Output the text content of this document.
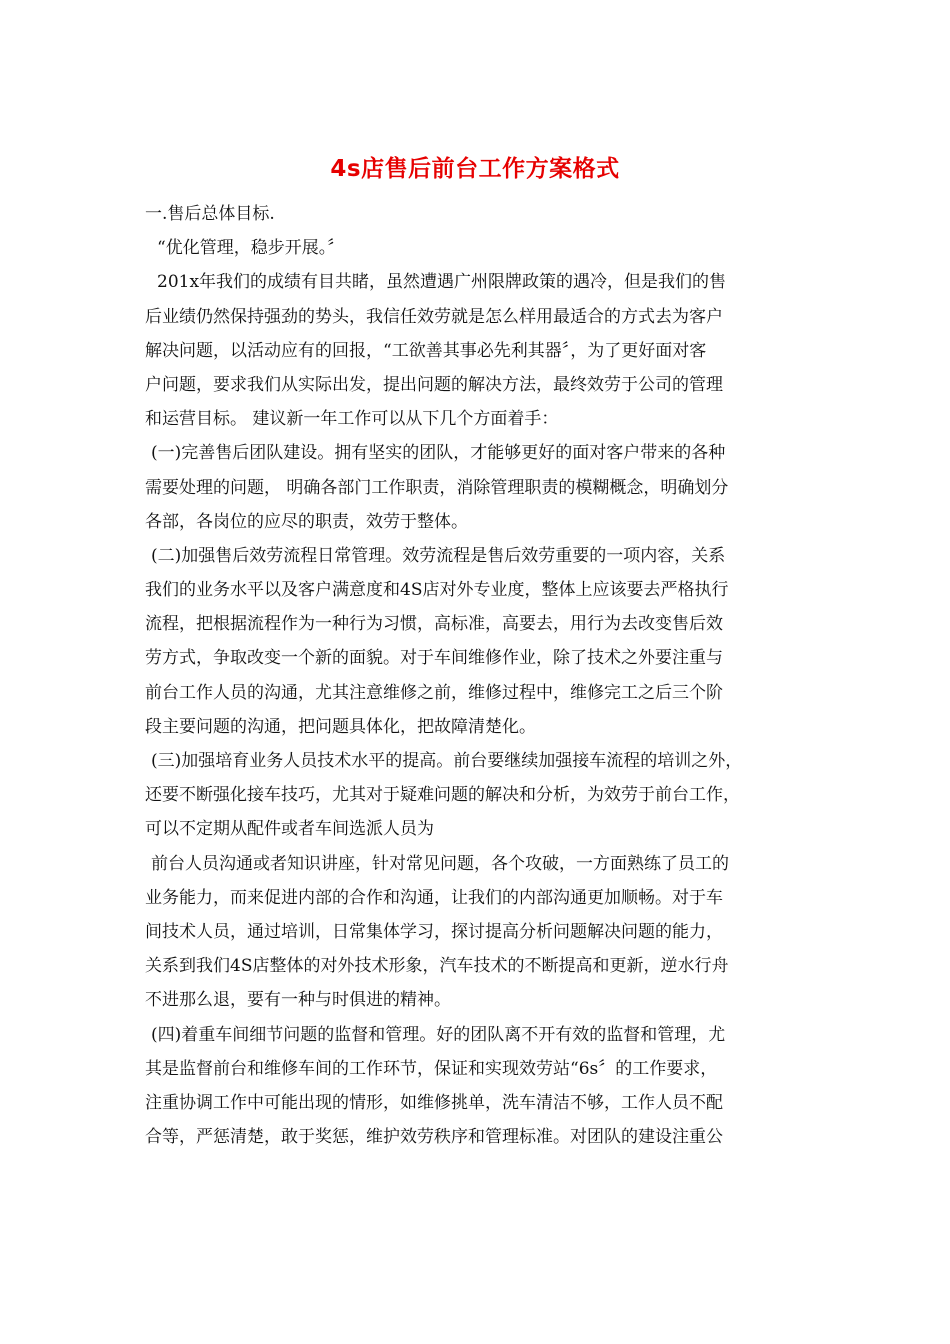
4s店售后前台工作方案格式
一.售后总体目标.
“优化管理，稳步开展。〞
201x年我们的成绩有目共睹，虽然遭遇广州限牌政策的遇冷，但是我们的售
后业绩仍然保持强劲的势头，我信任效劳就是怎么样用最适合的方式去为客户
解决问题，以活动应有的回报，“工欲善其事必先利其器〞，为了更好面对客
户问题，要求我们从实际出发，提出问题的解决方法，最终效劳于公司的管理
和运营目标。 建议新一年工作可以从下几个方面着手：
(一)完善售后团队建设。拥有坚实的团队，才能够更好的面对客户带来的各种
需要处理的问题， 明确各部门工作职责，消除管理职责的模糊概念，明确划分
各部，各岗位的应尽的职责，效劳于整体。
(二)加强售后效劳流程日常管理。效劳流程是售后效劳重要的一项内容，关系
我们的业务水平以及客户满意度和4S店对外专业度，整体上应该要去严格执行
流程，把根据流程作为一种行为习惯，高标准，高要去，用行为去改变售后效
劳方式，争取改变一个新的面貌。对于车间维修作业，除了技术之外要注重与
前台工作人员的沟通，尤其注意维修之前，维修过程中，维修完工之后三个阶
段主要问题的沟通，把问题具体化，把故障清楚化。
(三)加强培育业务人员技术水平的提高。前台要继续加强接车流程的培训之外，
还要不断强化接车技巧，尤其对于疑难问题的解决和分析，为效劳于前台工作，
可以不定期从配件或者车间选派人员为
前台人员沟通或者知识讲座，针对常见问题，各个攻破，一方面熟练了员工的
业务能力，而来促进内部的合作和沟通，让我们的内部沟通更加顺畅。对于车
间技术人员，通过培训，日常集体学习，探讨提高分析问题解决问题的能力，
关系到我们4S店整体的对外技术形象，汽车技术的不断提高和更新，逆水行舟
不进那么退，要有一种与时俱进的精神。
(四)着重车间细节问题的监督和管理。好的团队离不开有效的监督和管理，尤
其是监督前台和维修车间的工作环节，保证和实现效劳站“6s〞的工作要求，
注重协调工作中可能出现的情形，如维修挑单，洗车清洁不够，工作人员不配
合等，严惩清楚，敢于奖惩，维护效劳秩序和管理标准。对团队的建设注重公
